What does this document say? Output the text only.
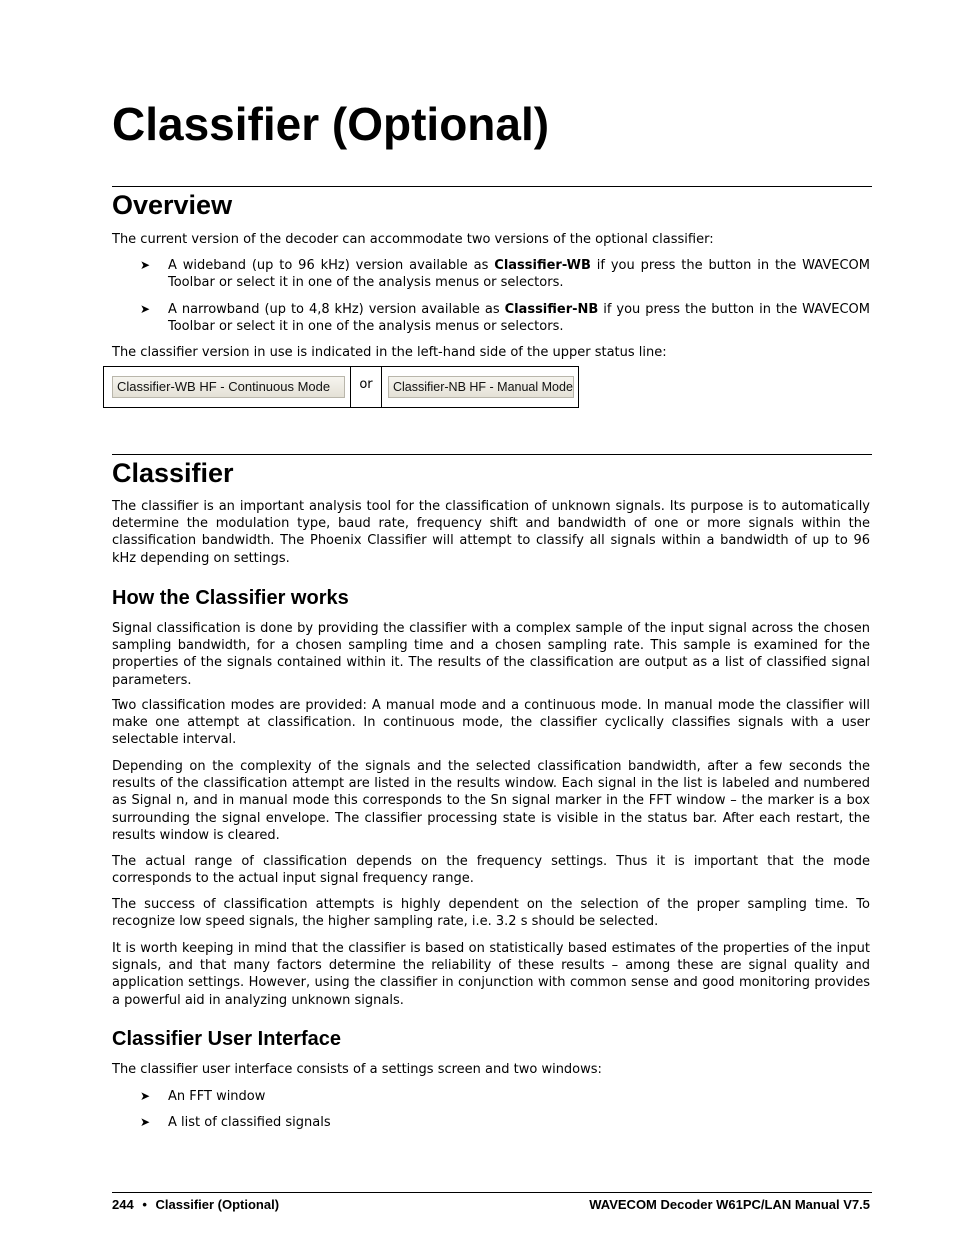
Classifier (Optional)
Overview

The current version of the decoder can accommodate two versions of the optional classifier:

➤	A wideband (up to 96 kHz) version available as Classifier-WB if you press the button in the WAVECOM Toolbar or select it in one of the analysis menus or selectors.
➤	A narrowband (up to 4,8 kHz) version available as Classifier-NB if you press the button in the WAVECOM Toolbar or select it in one of the analysis menus or selectors.

The classifier version in use is indicated in the left-hand side of the upper status line:

Classifier-WB HF - Continuous Mode	or	Classifier-NB HF - Manual Mode
Classifier

The classifier is an important analysis tool for the classification of unknown signals. Its purpose is to automatically determine the modulation type, baud rate, frequency shift and bandwidth of one or more signals within the classification bandwidth. The Phoenix Classifier will attempt to classify all signals within a bandwidth of up to 96 kHz depending on settings.

How the Classifier works

Signal classification is done by providing the classifier with a complex sample of the input signal across the chosen sampling bandwidth, for a chosen sampling time and a chosen sampling rate. This sample is examined for the properties of the signals contained within it. The results of the classification are output as a list of classified signal parameters.

Two classification modes are provided: A manual mode and a continuous mode. In manual mode the classifier will make one attempt at classification. In continuous mode, the classifier cyclically classifies signals with a user selectable interval.

Depending on the complexity of the signals and the selected classification bandwidth, after a few seconds the results of the classification attempt are listed in the results window. Each signal in the list is labeled and numbered as Signal n, and in manual mode this corresponds to the Sn signal marker in the FFT window – the marker is a box surrounding the signal envelope. The classifier processing state is visible in the status bar. After each restart, the results window is cleared.

The actual range of classification depends on the frequency settings. Thus it is important that the mode corresponds to the actual input signal frequency range.

The success of classification attempts is highly dependent on the selection of the proper sampling time. To recognize low speed signals, the higher sampling rate, i.e. 3.2 s should be selected.

It is worth keeping in mind that the classifier is based on statistically based estimates of the properties of the input signals, and that many factors determine the reliability of these results – among these are signal quality and application settings. However, using the classifier in conjunction with common sense and good monitoring provides a powerful aid in analyzing unknown signals.

Classifier User Interface

The classifier user interface consists of a settings screen and two windows:

➤	An FFT window
➤	A list of classified signals
244 • Classifier (Optional)	WAVECOM Decoder W61PC/LAN Manual V7.5
